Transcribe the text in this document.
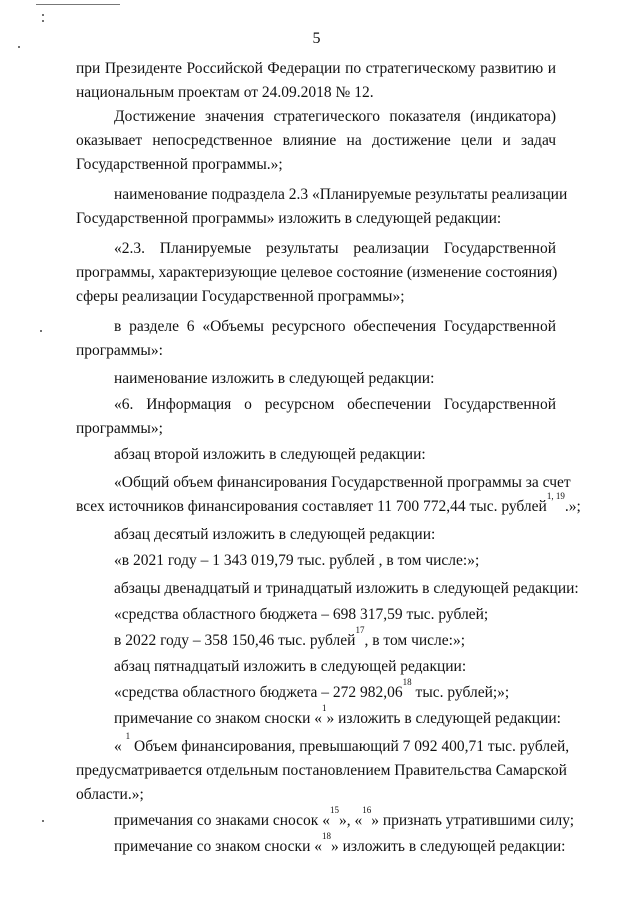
5
при Президенте Российской Федерации по стратегическому развитию и
национальным проектам от 24.09.2018 № 12.
Достижение значения стратегического показателя (индикатора)
оказывает непосредственное влияние на достижение цели и задач
Государственной программы.»;
наименование подраздела 2.3 «Планируемые результаты реализации
Государственной программы» изложить в следующей редакции:
«2.3. Планируемые результаты реализации Государственной
программы, характеризующие целевое состояние (изменение состояния)
сферы реализации Государственной программы»;
в разделе 6 «Объемы ресурсного обеспечения Государственной
программы»:
наименование изложить в следующей редакции:
«6. Информация о ресурсном обеспечении Государственной
программы»;
абзац второй изложить в следующей редакции:
«Общий объем финансирования Государственной программы за счет
всех источников финансирования составляет 11 700 772,44 тыс. рублей$^{1, 19}$.»;
абзац десятый изложить в следующей редакции:
«в 2021 году – 1 343 019,79 тыс. рублей , в том числе:»;
абзацы двенадцатый и тринадцатый изложить в следующей редакции:
«средства областного бюджета – 698 317,59 тыс. рублей;
в 2022 году – 358 150,46 тыс. рублей$^{17}$, в том числе:»;
абзац пятнадцатый изложить в следующей редакции:
«средства областного бюджета – 272 982,06$^{18}$ тыс. рублей;»;
примечание со знаком сноски «$^1$» изложить в следующей редакции:
« $^1$ Объем финансирования, превышающий 7 092 400,71 тыс. рублей,
предусматривается отдельным постановлением Правительства Самарской
области.»;
примечания со знаками сносок «$^{15}$», «$^{16}$» признать утратившими силу;
примечание со знаком сноски «$^{18}$» изложить в следующей редакции:
